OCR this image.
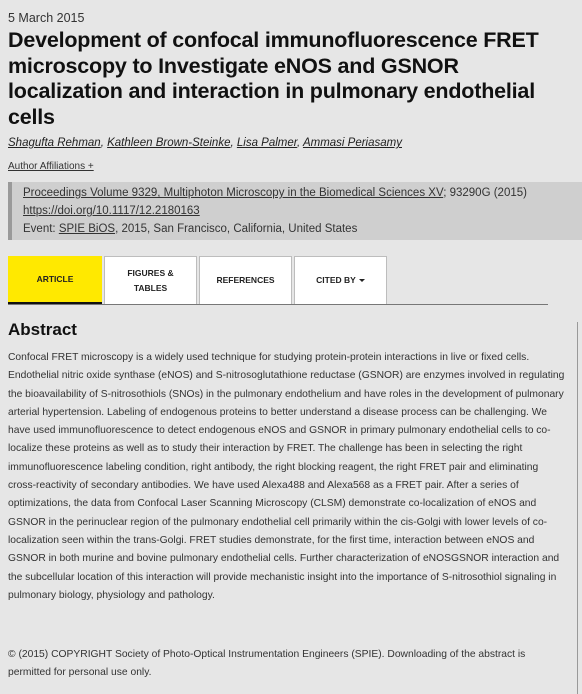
5 March 2015
Development of confocal immunofluorescence FRET microscopy to Investigate eNOS and GSNOR localization and interaction in pulmonary endothelial cells
Shagufta Rehman, Kathleen Brown-Steinke, Lisa Palmer, Ammasi Periasamy
Author Affiliations +
Proceedings Volume 9329, Multiphoton Microscopy in the Biomedical Sciences XV; 93290G (2015)
https://doi.org/10.1117/12.2180163
Event: SPIE BiOS, 2015, San Francisco, California, United States
ARTICLE
FIGURES & TABLES
REFERENCES	CITED BY
Abstract
Confocal FRET microscopy is a widely used technique for studying protein-protein interactions in live or fixed cells. Endothelial nitric oxide synthase (eNOS) and S-nitrosoglutathione reductase (GSNOR) are enzymes involved in regulating the bioavailability of S-nitrosothiols (SNOs) in the pulmonary endothelium and have roles in the development of pulmonary arterial hypertension. Labeling of endogenous proteins to better understand a disease process can be challenging. We have used immunofluorescence to detect endogenous eNOS and GSNOR in primary pulmonary endothelial cells to co-localize these proteins as well as to study their interaction by FRET. The challenge has been in selecting the right immunofluorescence labeling condition, right antibody, the right blocking reagent, the right FRET pair and eliminating cross-reactivity of secondary antibodies. We have used Alexa488 and Alexa568 as a FRET pair. After a series of optimizations, the data from Confocal Laser Scanning Microscopy (CLSM) demonstrate co-localization of eNOS and GSNOR in the perinuclear region of the pulmonary endothelial cell primarily within the cis-Golgi with lower levels of co-localization seen within the trans-Golgi. FRET studies demonstrate, for the first time, interaction between eNOS and GSNOR in both murine and bovine pulmonary endothelial cells. Further characterization of eNOSGSNOR interaction and the subcellular location of this interaction will provide mechanistic insight into the importance of S-nitrosothiol signaling in pulmonary biology, physiology and pathology.
© (2015) COPYRIGHT Society of Photo-Optical Instrumentation Engineers (SPIE). Downloading of the abstract is permitted for personal use only.
